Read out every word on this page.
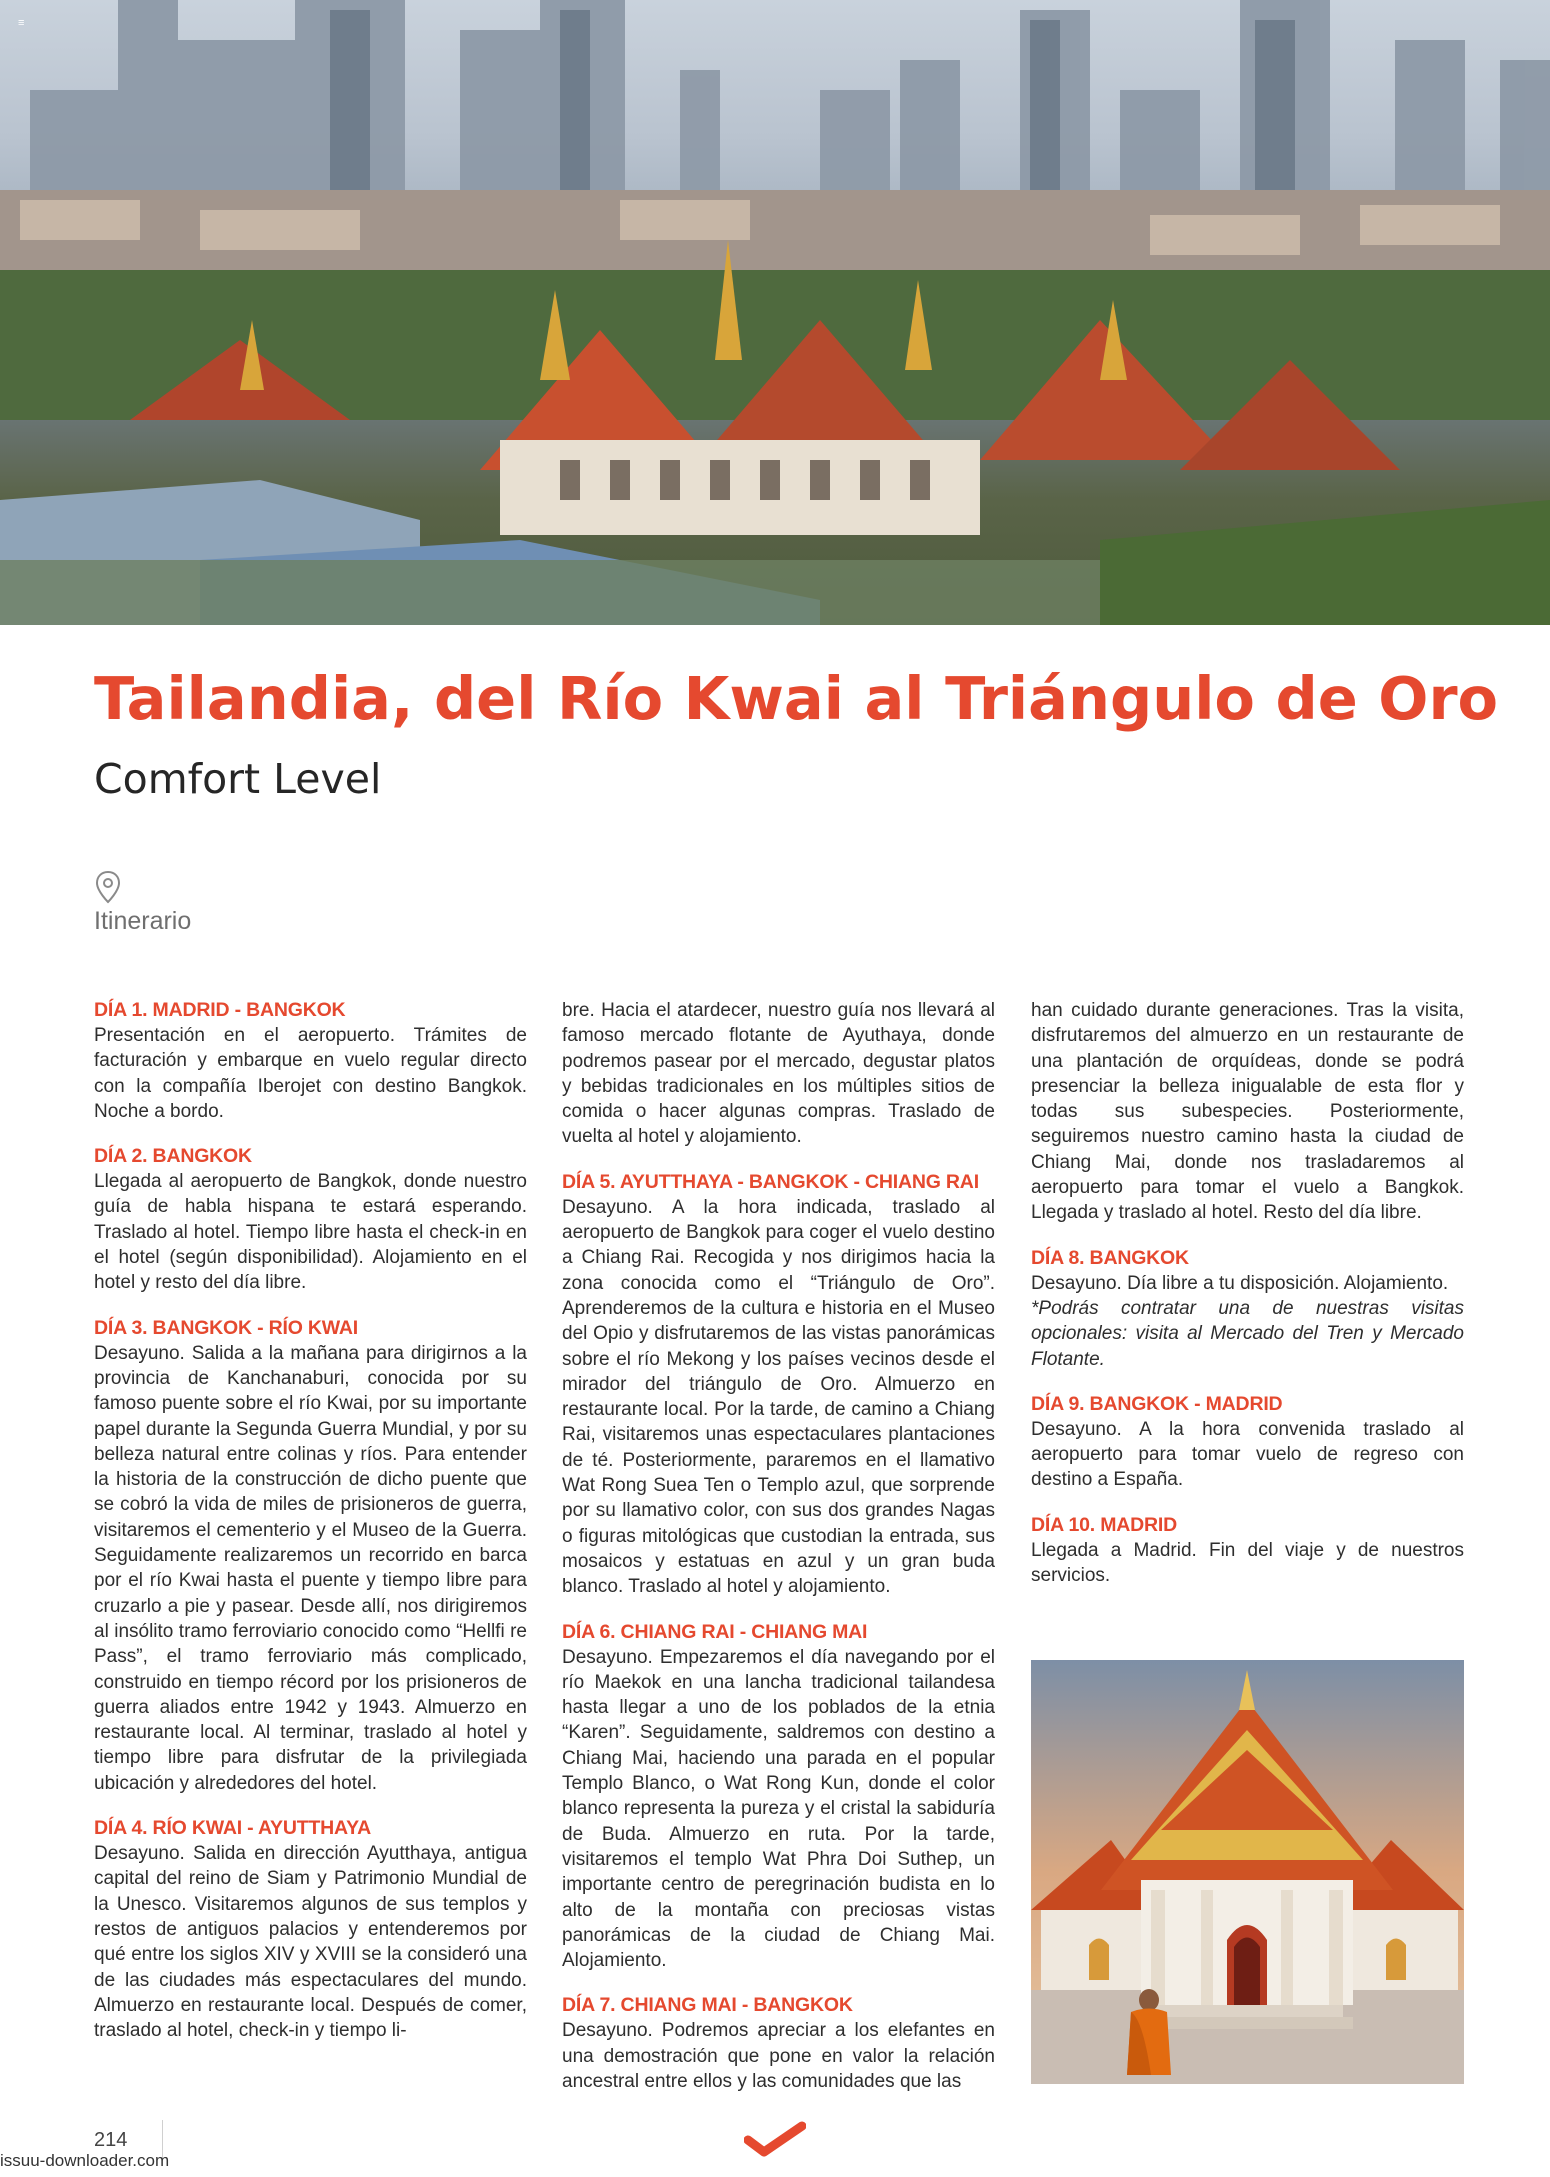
≡
Tailandia, del Río Kwai al Triángulo de Oro
Comfort Level
Itinerario
DÍA 1. MADRID - BANGKOK

Presentación en el aeropuerto. Trámites de facturación y embarque en vuelo regular directo con la compañía Iberojet con destino Bangkok. Noche a bordo.

DÍA 2. BANGKOK

Llegada al aeropuerto de Bangkok, donde nuestro guía de habla hispana te estará esperando. Traslado al hotel. Tiempo libre hasta el check-in en el hotel (según disponibilidad). Alojamiento en el hotel y resto del día libre.

DÍA 3. BANGKOK - RÍO KWAI

Desayuno. Salida a la mañana para dirigirnos a la provincia de Kanchanaburi, conocida por su famoso puente sobre el río Kwai, por su importante papel durante la Segunda Guerra Mundial, y por su belleza natural entre colinas y ríos. Para entender la historia de la construcción de dicho puente que se cobró la vida de miles de prisioneros de guerra, visitaremos el cementerio y el Museo de la Guerra. Seguidamente realizaremos un recorrido en barca por el río Kwai hasta el puente y tiempo libre para cruzarlo a pie y pasear. Desde allí, nos dirigiremos al insólito tramo ferroviario conocido como “Hellfi re Pass”, el tramo ferroviario más complicado, construido en tiempo récord por los prisioneros de guerra aliados entre 1942 y 1943. Almuerzo en restaurante local. Al terminar, traslado al hotel y tiempo libre para disfrutar de la privilegiada ubicación y alrededores del hotel.

DÍA 4. RÍO KWAI - AYUTTHAYA

Desayuno. Salida en dirección Ayutthaya, antigua capital del reino de Siam y Patrimonio Mundial de la Unesco. Visitaremos algunos de sus templos y restos de antiguos palacios y entenderemos por qué entre los siglos XIV y XVIII se la consideró una de las ciudades más espectaculares del mundo. Almuerzo en restaurante local. Después de comer, traslado al hotel, check-in y tiempo li-

bre. Hacia el atardecer, nuestro guía nos llevará al famoso mercado flotante de Ayuthaya, donde podremos pasear por el mercado, degustar platos y bebidas tradicionales en los múltiples sitios de comida o hacer algunas compras. Traslado de vuelta al hotel y alojamiento.

DÍA 5. AYUTTHAYA - BANGKOK - CHIANG RAI

Desayuno. A la hora indicada, traslado al aeropuerto de Bangkok para coger el vuelo destino a Chiang Rai. Recogida y nos dirigimos hacia la zona conocida como el “Triángulo de Oro”. Aprenderemos de la cultura e historia en el Museo del Opio y disfrutaremos de las vistas panorámicas sobre el río Mekong y los países vecinos desde el mirador del triángulo de Oro. Almuerzo en restaurante local. Por la tarde, de camino a Chiang Rai, visitaremos unas espectaculares plantaciones de té. Posteriormente, pararemos en el llamativo Wat Rong Suea Ten o Templo azul, que sorprende por su llamativo color, con sus dos grandes Nagas o figuras mitológicas que custodian la entrada, sus mosaicos y estatuas en azul y un gran buda blanco. Traslado al hotel y alojamiento.

DÍA 6. CHIANG RAI - CHIANG MAI

Desayuno. Empezaremos el día navegando por el río Maekok en una lancha tradicional tailandesa hasta llegar a uno de los poblados de la etnia “Karen”. Seguidamente, saldremos con destino a Chiang Mai, haciendo una parada en el popular Templo Blanco, o Wat Rong Kun, donde el color blanco representa la pureza y el cristal la sabiduría de Buda. Almuerzo en ruta. Por la tarde, visitaremos el templo Wat Phra Doi Suthep, un importante centro de peregrinación budista en lo alto de la montaña con preciosas vistas panorámicas de la ciudad de Chiang Mai. Alojamiento.

DÍA 7. CHIANG MAI - BANGKOK

Desayuno. Podremos apreciar a los elefantes en una demostración que pone en valor la relación ancestral entre ellos y las comunidades que las

han cuidado durante generaciones. Tras la visita, disfrutaremos del almuerzo en un restaurante de una plantación de orquídeas, donde se podrá presenciar la belleza inigualable de esta flor y todas sus subespecies. Posteriormente, seguiremos nuestro camino hasta la ciudad de Chiang Mai, donde nos trasladaremos al aeropuerto para tomar el vuelo a Bangkok. Llegada y traslado al hotel. Resto del día libre.

DÍA 8. BANGKOK

Desayuno. Día libre a tu disposición. Alojamiento.

*Podrás contratar una de nuestras visitas opcionales: visita al Mercado del Tren y Mercado Flotante.

DÍA 9. BANGKOK - MADRID

Desayuno. A la hora convenida traslado al aeropuerto para tomar vuelo de regreso con destino a España.

DÍA 10. MADRID

Llegada a Madrid. Fin del viaje y de nuestros servicios.

214
issuu-downloader.com
